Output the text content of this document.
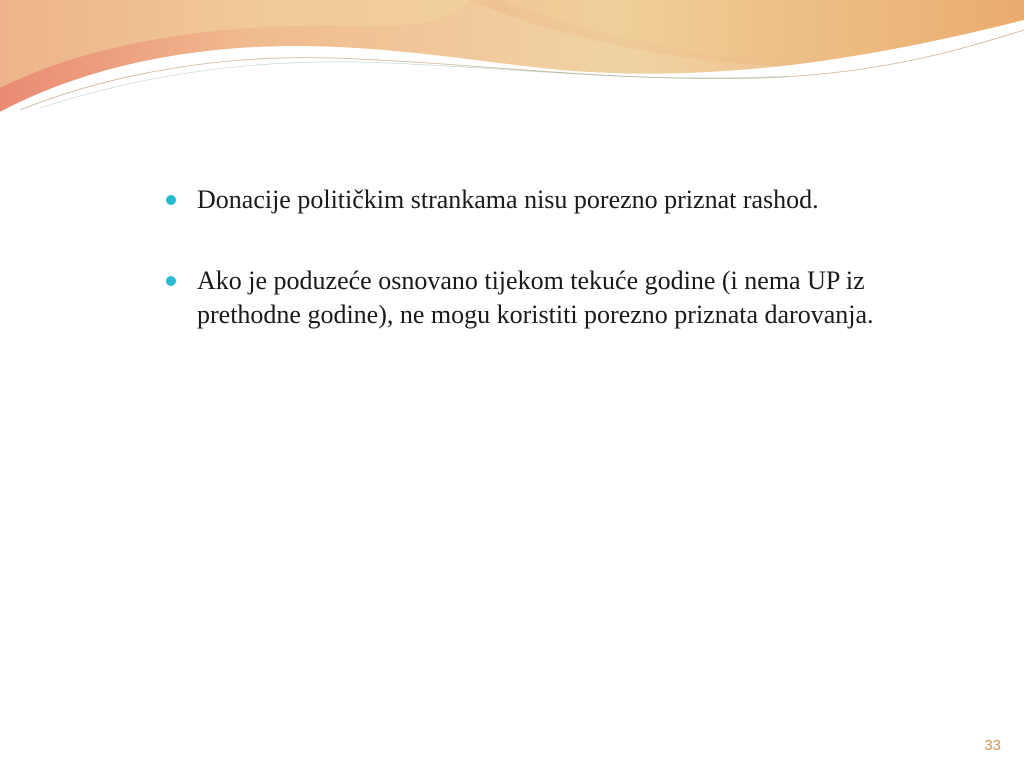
Donacije političkim strankama nisu porezno priznat rashod.
Ako je poduzeće osnovano tijekom tekuće godine (i nema UP iz prethodne godine), ne mogu koristiti porezno priznata darovanja.
33
